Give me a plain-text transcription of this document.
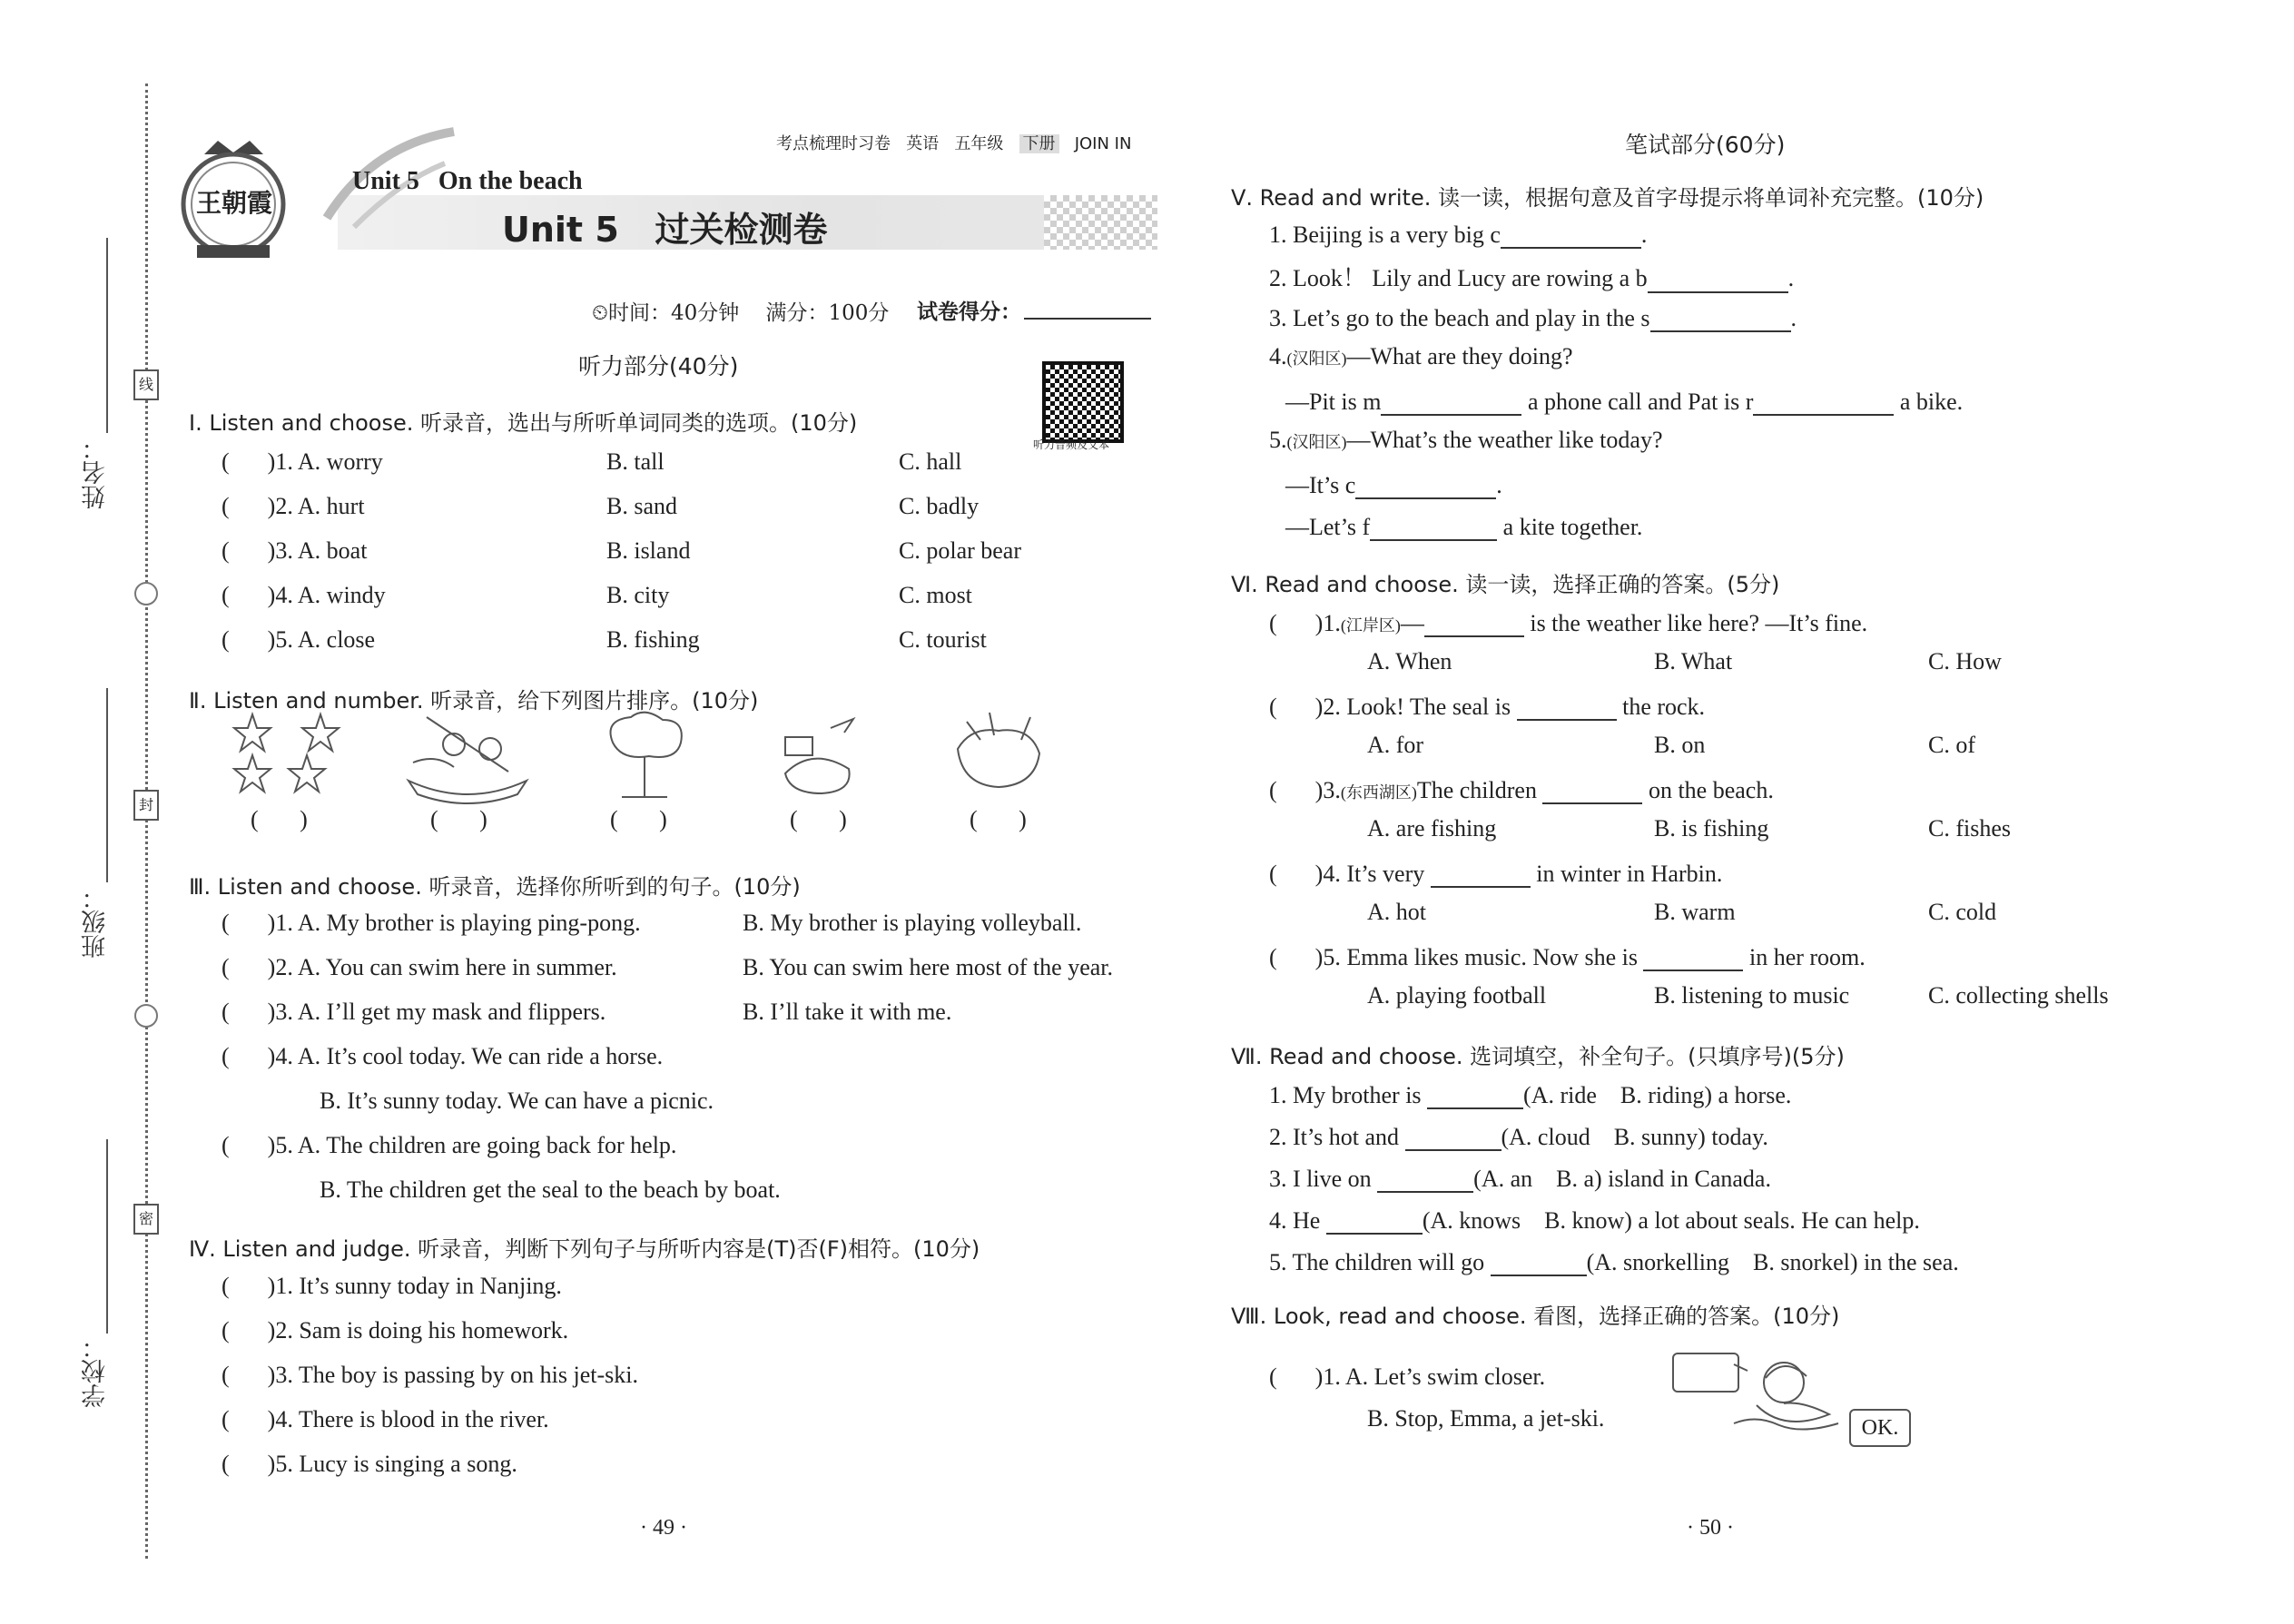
姓名：
班级：
学校：
线
封
密
王朝霞
考点梳理时习卷 英语 五年级 下册 JOIN IN
Unit 5   On the beach
Unit 5   过关检测卷
⏲时间：40分钟    满分：100分 试卷得分：
听力音频及文本
听力部分(40分)
Ⅰ. Listen and choose. 听录音，选出与所听单词同类的选项。(10分)
( )1. A. worry	B. tall	C. hall
( )2. A. hurt	B. sand	C. badly
( )3. A. boat	B. island	C. polar bear
( )4. A. windy	B. city	C. most
( )5. A. close	B. fishing	C. tourist
Ⅱ. Listen and number. 听录音，给下列图片排序。(10分)
(       )	(       )	(       )	(       )	(       )
Ⅲ. Listen and choose. 听录音，选择你所听到的句子。(10分)
( )1. A. My brother is playing ping-pong.	B. My brother is playing volleyball.
( )2. A. You can swim here in summer.	B. You can swim here most of the year.
( )3. A. I’ll get my mask and flippers.	B. I’ll take it with me.
( )4. A. It’s cool today. We can ride a horse.
B. It’s sunny today. We can have a picnic.
( )5. A. The children are going back for help.
B. The children get the seal to the beach by boat.
Ⅳ. Listen and judge. 听录音，判断下列句子与所听内容是(T)否(F)相符。(10分)
( )1. It’s sunny today in Nanjing.
( )2. Sam is doing his homework.
( )3. The boy is passing by on his jet-ski.
( )4. There is blood in the river.
( )5. Lucy is singing a song.
· 49 ·
笔试部分(60分)
Ⅴ. Read and write. 读一读，根据句意及首字母提示将单词补充完整。(10分)
1. Beijing is a very big c	.
2. Look！ Lily and Lucy are rowing a b	.
3. Let’s go to the beach and play in the s	.
4.(汉阳区)—What are they doing?
—Pit is m	a phone call and Pat is r	a bike.
5.(汉阳区)—What’s the weather like today?
—It’s c	.
—Let’s f	a kite together.
Ⅵ. Read and choose. 读一读，选择正确的答案。(5分)
( )1.(江岸区)—	is the weather like here? —It’s fine.
A. When	B. What	C. How
( )2. Look! The seal is	the rock.
A. for	B. on	C. of
( )3.(东西湖区)The children	on the beach.
A. are fishing	B. is fishing	C. fishes
( )4. It’s very	in winter in Harbin.
A. hot	B. warm	C. cold
( )5. Emma likes music. Now she is	in her room.
A. playing football	B. listening to music	C. collecting shells
Ⅶ. Read and choose. 选词填空，补全句子。(只填序号)(5分)
1. My brother is	(A. ride    B. riding) a horse.
2. It’s hot and	(A. cloud    B. sunny) today.
3. I live on	(A. an    B. a) island in Canada.
4. He	(A. knows    B. know) a lot about seals. He can help.
5. The children will go	(A. snorkelling    B. snorkel) in the sea.
Ⅷ. Look, read and choose. 看图，选择正确的答案。(10分)
( )1. A. Let’s swim closer.
B. Stop, Emma, a jet-ski.	OK.
· 50 ·
